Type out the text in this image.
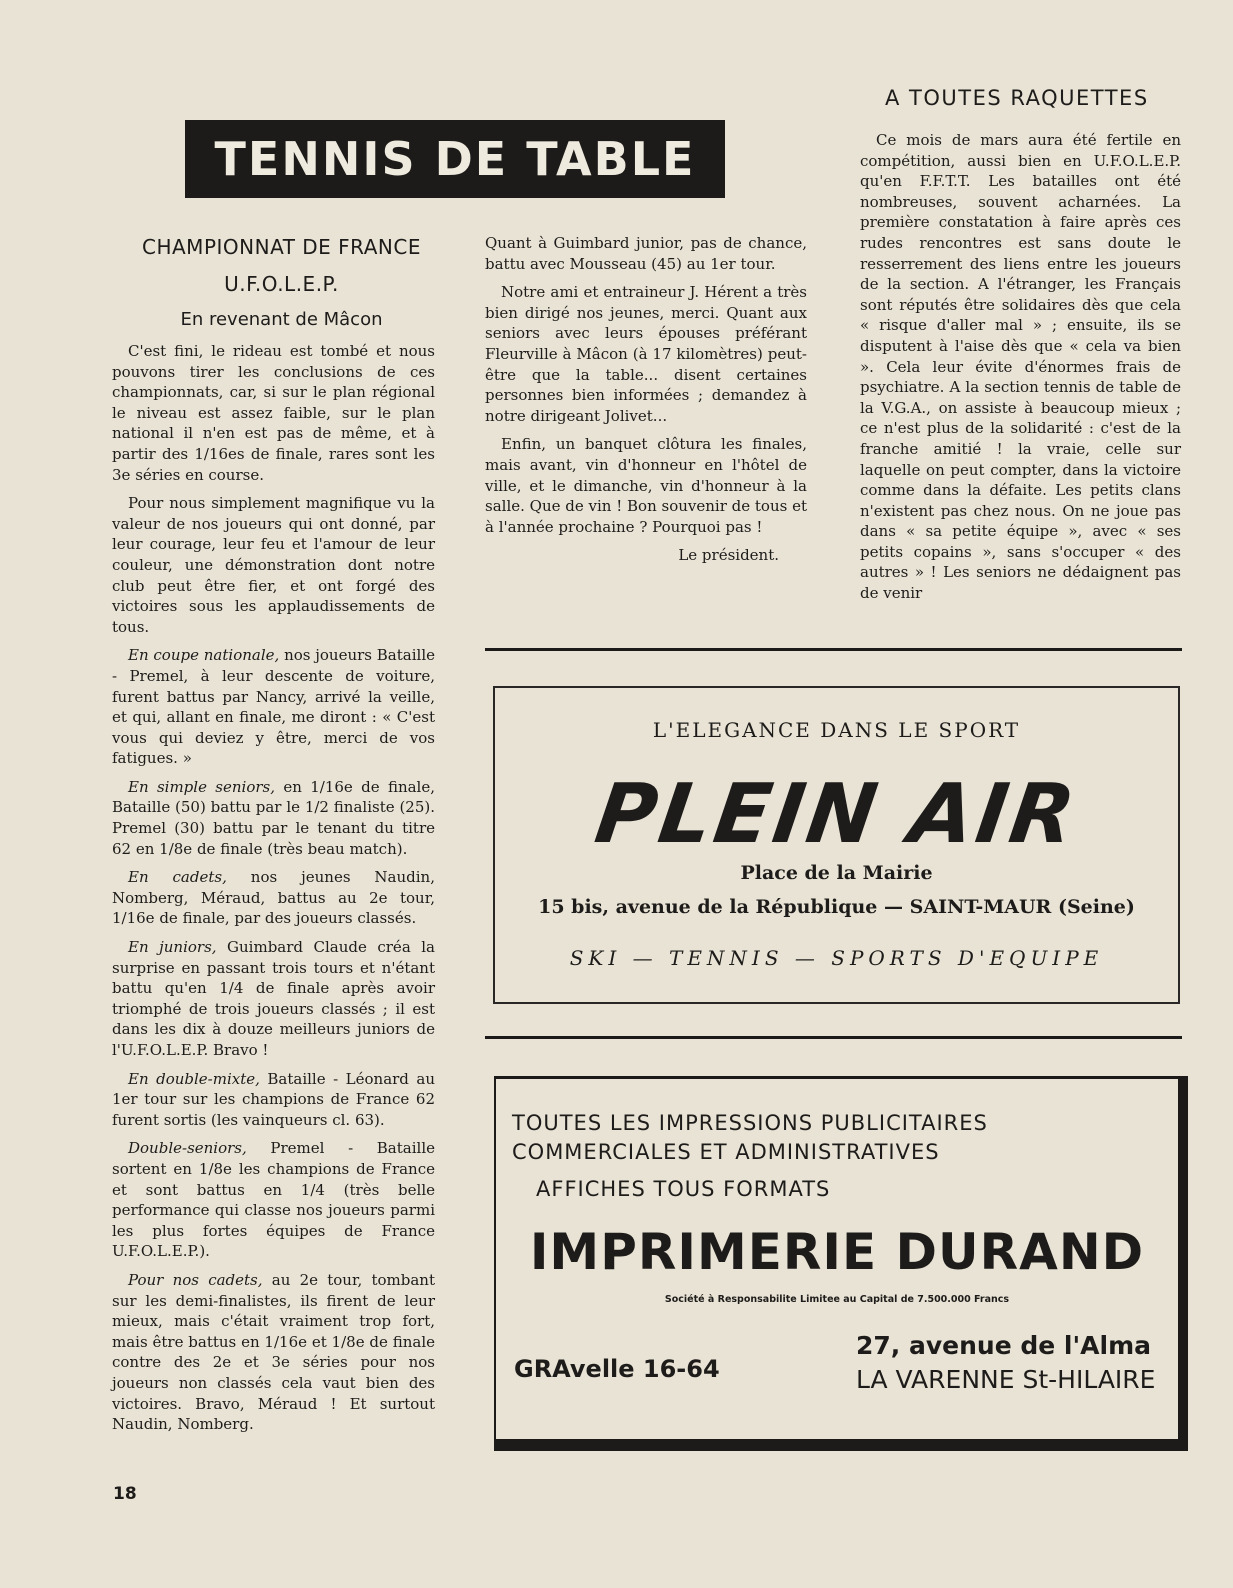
TENNIS DE TABLE

CHAMPIONNAT DE FRANCE

U.F.O.L.E.P.

En revenant de Mâcon

C'est fini, le rideau est tombé et nous pouvons tirer les conclusions de ces championnats, car, si sur le plan régional le niveau est assez faible, sur le plan national il n'en est pas de même, et à partir des 1/16es de finale, rares sont les 3e séries en course.

Pour nous simplement magnifique vu la valeur de nos joueurs qui ont donné, par leur courage, leur feu et l'amour de leur couleur, une démonstration dont notre club peut être fier, et ont forgé des victoires sous les applaudissements de tous.

En coupe nationale, nos joueurs Bataille - Premel, à leur descente de voiture, furent battus par Nancy, arrivé la veille, et qui, allant en finale, me diront : « C'est vous qui deviez y être, merci de vos fatigues. »

En simple seniors, en 1/16e de finale, Bataille (50) battu par le 1/2 finaliste (25). Premel (30) battu par le tenant du titre 62 en 1/8e de finale (très beau match).

En cadets, nos jeunes Naudin, Nomberg, Méraud, battus au 2e tour, 1/16e de finale, par des joueurs classés.

En juniors, Guimbard Claude créa la surprise en passant trois tours et n'étant battu qu'en 1/4 de finale après avoir triomphé de trois joueurs classés ; il est dans les dix à douze meilleurs juniors de l'U.F.O.L.E.P. Bravo !

En double-mixte, Bataille - Léonard au 1er tour sur les champions de France 62 furent sortis (les vainqueurs cl. 63).

Double-seniors, Premel - Bataille sortent en 1/8e les champions de France et sont battus en 1/4 (très belle performance qui classe nos joueurs parmi les plus fortes équipes de France U.F.O.L.E.P.).

Pour nos cadets, au 2e tour, tombant sur les demi-finalistes, ils firent de leur mieux, mais c'était vraiment trop fort, mais être battus en 1/16e et 1/8e de finale contre des 2e et 3e séries pour nos joueurs non classés cela vaut bien des victoires. Bravo, Méraud ! Et surtout Naudin, Nomberg.

Quant à Guimbard junior, pas de chance, battu avec Mousseau (45) au 1er tour.

Notre ami et entraineur J. Hérent a très bien dirigé nos jeunes, merci. Quant aux seniors avec leurs épouses préférant Fleurville à Mâcon (à 17 kilomètres) peut-être que la table... disent certaines personnes bien informées ; demandez à notre dirigeant Jolivet...

Enfin, un banquet clôtura les finales, mais avant, vin d'honneur en l'hôtel de ville, et le dimanche, vin d'honneur à la salle. Que de vin ! Bon souvenir de tous et à l'année prochaine ? Pourquoi pas !

Le président.

A TOUTES RAQUETTES

Ce mois de mars aura été fertile en compétition, aussi bien en U.F.O.L.E.P. qu'en F.F.T.T. Les batailles ont été nombreuses, souvent acharnées. La première constatation à faire après ces rudes rencontres est sans doute le resserrement des liens entre les joueurs de la section. A l'étranger, les Français sont réputés être solidaires dès que cela « risque d'aller mal » ; ensuite, ils se disputent à l'aise dès que « cela va bien ». Cela leur évite d'énormes frais de psychiatre. A la section tennis de table de la V.G.A., on assiste à beaucoup mieux ; ce n'est plus de la solidarité : c'est de la franche amitié ! la vraie, celle sur laquelle on peut compter, dans la victoire comme dans la défaite. Les petits clans n'existent pas chez nous. On ne joue pas dans « sa petite équipe », avec « ses petits copains », sans s'occuper « des autres » ! Les seniors ne dédaignent pas de venir

L'ELEGANCE DANS LE SPORT
PLEIN AIR
Place de la Mairie
15 bis, avenue de la République — SAINT-MAUR (Seine)
SKI — TENNIS — SPORTS D'EQUIPE
TOUTES LES IMPRESSIONS PUBLICITAIRES
COMMERCIALES ET ADMINISTRATIVES
AFFICHES TOUS FORMATS
IMPRIMERIE DURAND
Société à Responsabilite Limitee au Capital de 7.500.000 Francs
GRAvelle 16-64
27, avenue de l'Alma
LA VARENNE St-HILAIRE
18
